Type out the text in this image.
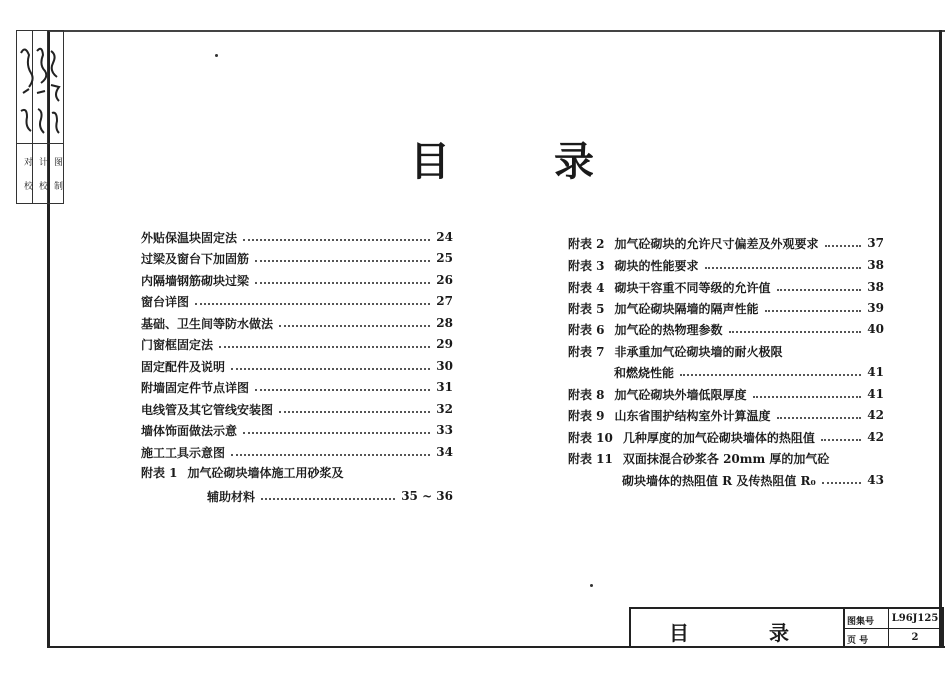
校 校 制
对 计 图	目	录
外贴保温块固定法	24
过梁及窗台下加固筋	25
内隔墙钢筋砌块过梁	26
窗台详图	27
基础、卫生间等防水做法	28
门窗框固定法	29
固定配件及说明	30
附墙固定件节点详图	31
电线管及其它管线安装图	32
墙体饰面做法示意	33
施工工具示意图	34
附表 1 加气砼砌块墙体施工用砂浆及
辅助材料	35 ~ 36
附表 2 加气砼砌块的允许尺寸偏差及外观要求	37
附表 3 砌块的性能要求	38
附表 4 砌块干容重不同等级的允许值	38
附表 5 加气砼砌块隔墙的隔声性能	39
附表 6 加气砼的热物理参数	40
附表 7 非承重加气砼砌块墙的耐火极限
和燃烧性能	41
附表 8 加气砼砌块外墙低限厚度	41
附表 9 山东省围护结构室外计算温度	42
附表 10 几种厚度的加气砼砌块墙体的热阻值	42
附表 11 双面抹混合砂浆各 20mm 厚的加气砼
砌块墙体的热阻值 R 及传热阻值 R₀	43
目	录	图集号 L96J125
页 号	2
